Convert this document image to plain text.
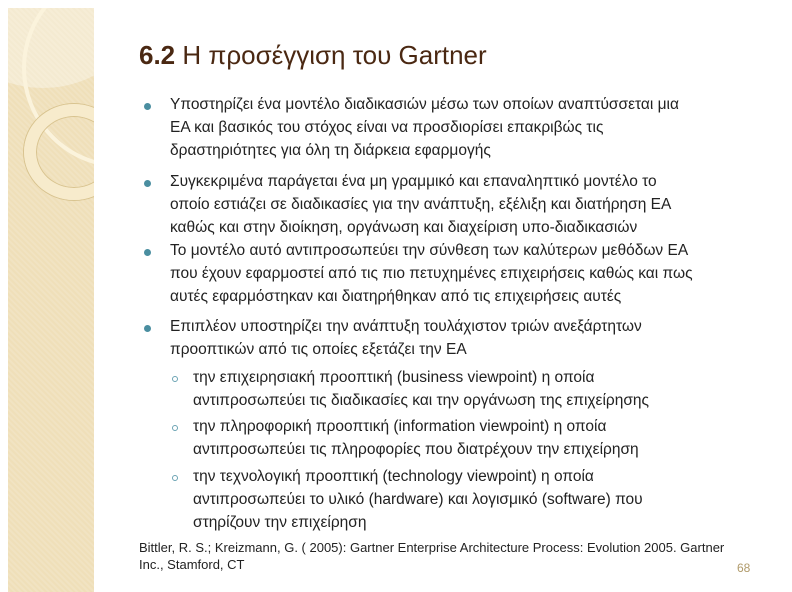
6.2 Η προσέγγιση του Gartner
Υποστηρίζει ένα μοντέλο διαδικασιών μέσω των οποίων αναπτύσσεται μια
ΕΑ και βασικός του στόχος είναι να προσδιορίσει επακριβώς τις
δραστηριότητες για όλη τη διάρκεια εφαρμογής
Συγκεκριμένα παράγεται ένα μη γραμμικό και επαναληπτικό μοντέλο το
οποίο εστιάζει σε διαδικασίες για την ανάπτυξη, εξέλιξη και διατήρηση ΕΑ
καθώς και στην διοίκηση, οργάνωση και διαχείριση υπο-διαδικασιών
Το μοντέλο αυτό αντιπροσωπεύει την σύνθεση των καλύτερων μεθόδων ΕΑ
που έχουν εφαρμοστεί από τις πιο πετυχημένες επιχειρήσεις καθώς και πως
αυτές εφαρμόστηκαν και διατηρήθηκαν από τις επιχειρήσεις αυτές
Επιπλέον υποστηρίζει την ανάπτυξη τουλάχιστον τριών ανεξάρτητων
προοπτικών από τις οποίες εξετάζει την ΕΑ
την επιχειρησιακή προοπτική (business viewpoint) η οποία
αντιπροσωπεύει τις διαδικασίες και την οργάνωση της επιχείρησης
την πληροφορική προοπτική (information viewpoint) η οποία
αντιπροσωπεύει τις πληροφορίες που διατρέχουν την επιχείρηση
την τεχνολογική προοπτική (technology viewpoint) η οποία
αντιπροσωπεύει το υλικό (hardware) και λογισμικό (software) που
στηρίζουν την επιχείρηση
Bittler, R. S.; Kreizmann, G. ( 2005): Gartner Enterprise Architecture Process: Evolution 2005. Gartner
Inc., Stamford, CT	68
